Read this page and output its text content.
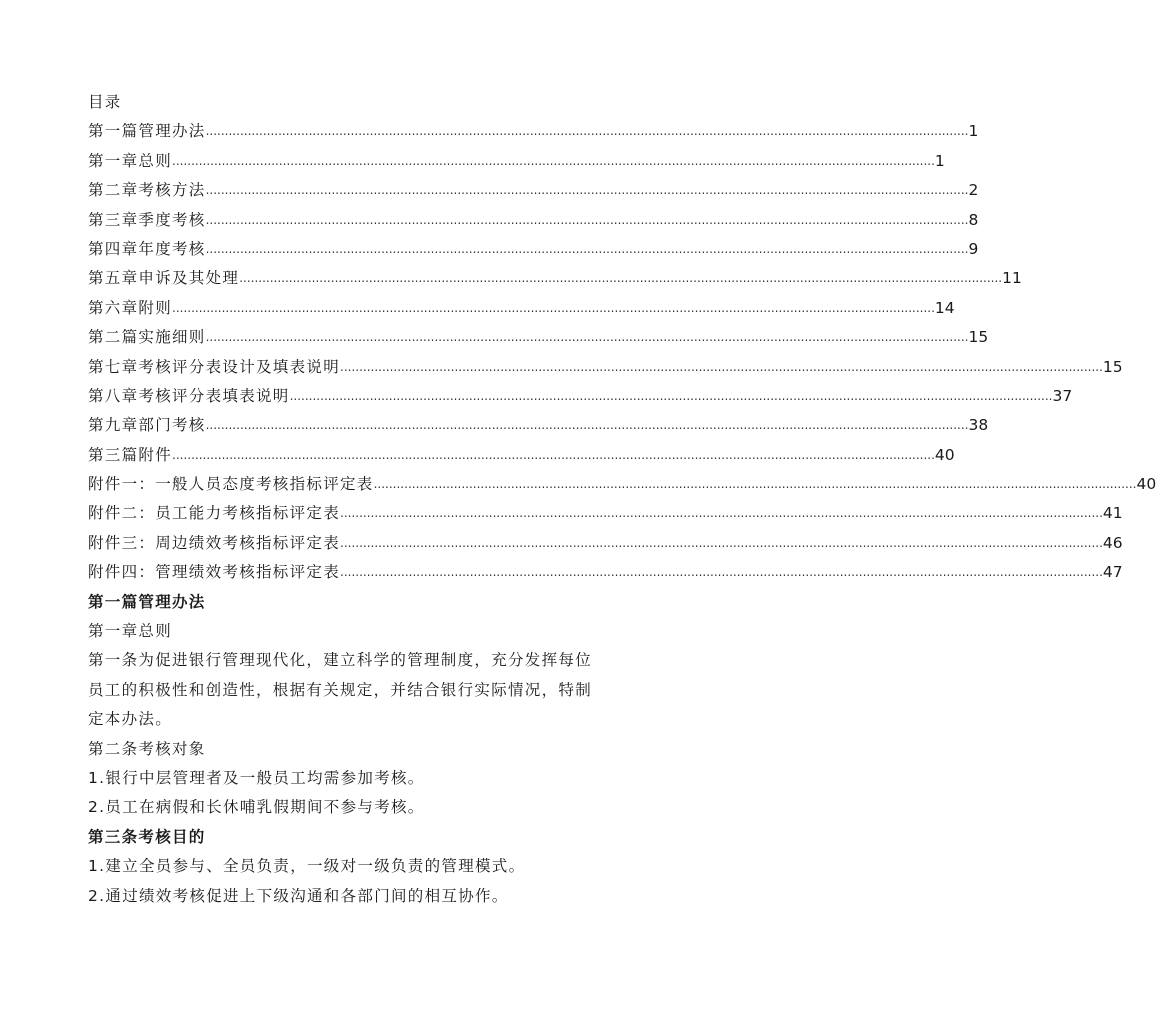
目录
第一篇管理办法 ........................................................................................................................................................................................................ 1
第一章总则 ........................................................................................................................................................................................................ 1
第二章考核方法 ........................................................................................................................................................................................................ 2
第三章季度考核 ........................................................................................................................................................................................................ 8
第四章年度考核 ........................................................................................................................................................................................................ 9
第五章申诉及其处理 ........................................................................................................................................................................................................ 11
第六章附则 ........................................................................................................................................................................................................ 14
第二篇实施细则 ........................................................................................................................................................................................................ 15
第七章考核评分表设计及填表说明 ........................................................................................................................................................................................................ 15
第八章考核评分表填表说明 ........................................................................................................................................................................................................ 37
第九章部门考核 ........................................................................................................................................................................................................ 38
第三篇附件 ........................................................................................................................................................................................................ 40
附件一：一般人员态度考核指标评定表 ........................................................................................................................................................................................................ 40
附件二：员工能力考核指标评定表 ........................................................................................................................................................................................................ 41
附件三：周边绩效考核指标评定表 ........................................................................................................................................................................................................ 46
附件四：管理绩效考核指标评定表 ........................................................................................................................................................................................................ 47
第一篇管理办法
第一章总则
第一条为促进银行管理现代化，建立科学的管理制度，充分发挥每位
员工的积极性和创造性，根据有关规定，并结合银行实际情况，特制
定本办法。
第二条考核对象
1.银行中层管理者及一般员工均需参加考核。
2.员工在病假和长休哺乳假期间不参与考核。
第三条考核目的
1.建立全员参与、全员负责，一级对一级负责的管理模式。
2.通过绩效考核促进上下级沟通和各部门间的相互协作。
